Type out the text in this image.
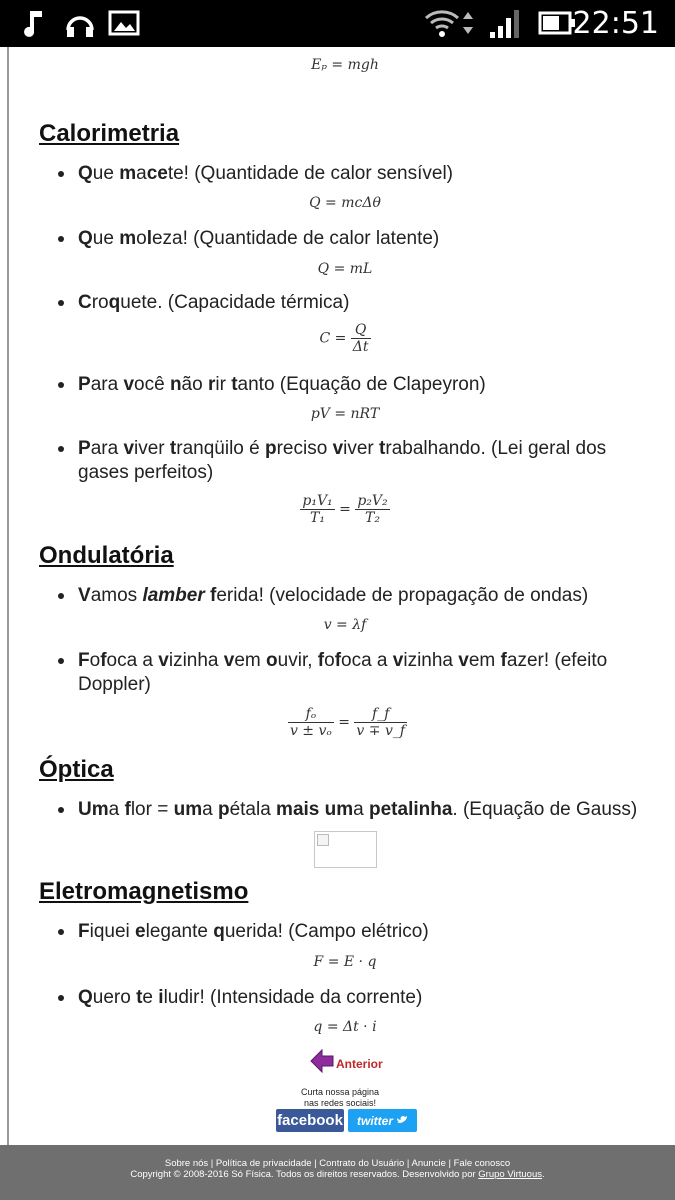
22:51
Eₚ = mgh
Calorimetria
Que macete! (Quantidade de calor sensível)
Q = mcΔθ
Que moleza! (Quantidade de calor latente)
Q = mL
Croquete. (Capacidade térmica)
$C = \frac{Q}{\Delta t}$
Para você não rir tanto (Equação de Clapeyron)
pV = nRT
Para viver tranqüilo é preciso viver trabalhando. (Lei geral dos gases perfeitos)
$\frac{\text{p₁V₁}}{\text{T₁}} = \frac{\text{p₂V₂}}{\text{T₂}}$
Ondulatória
Vamos lamber ferida! (velocidade de propagação de ondas)
v = λf
Fofoca a vizinha vem ouvir, fofoca a vizinha vem fazer! (efeito Doppler)
$\frac{\text{fₒ}}{\text{v ± vₒ}} = \frac{f\_f}{v \mp v\_f}$
Óptica
Uma flor = uma pétala mais uma petalinha. (Equação de Gauss)
Eletromagnetismo
Fiquei elegante querida! (Campo elétrico)
F = E · q
Quero te iludir! (Intensidade da corrente)
q = Δt · i
Anterior
Curta nossa página
nas redes sociais!
facebook twitter
Sobre nós | Política de privacidade | Contrato do Usuário | Anuncie | Fale conosco
Copyright © 2008-2016 Só Física. Todos os direitos reservados. Desenvolvido por Grupo Virtuous.
